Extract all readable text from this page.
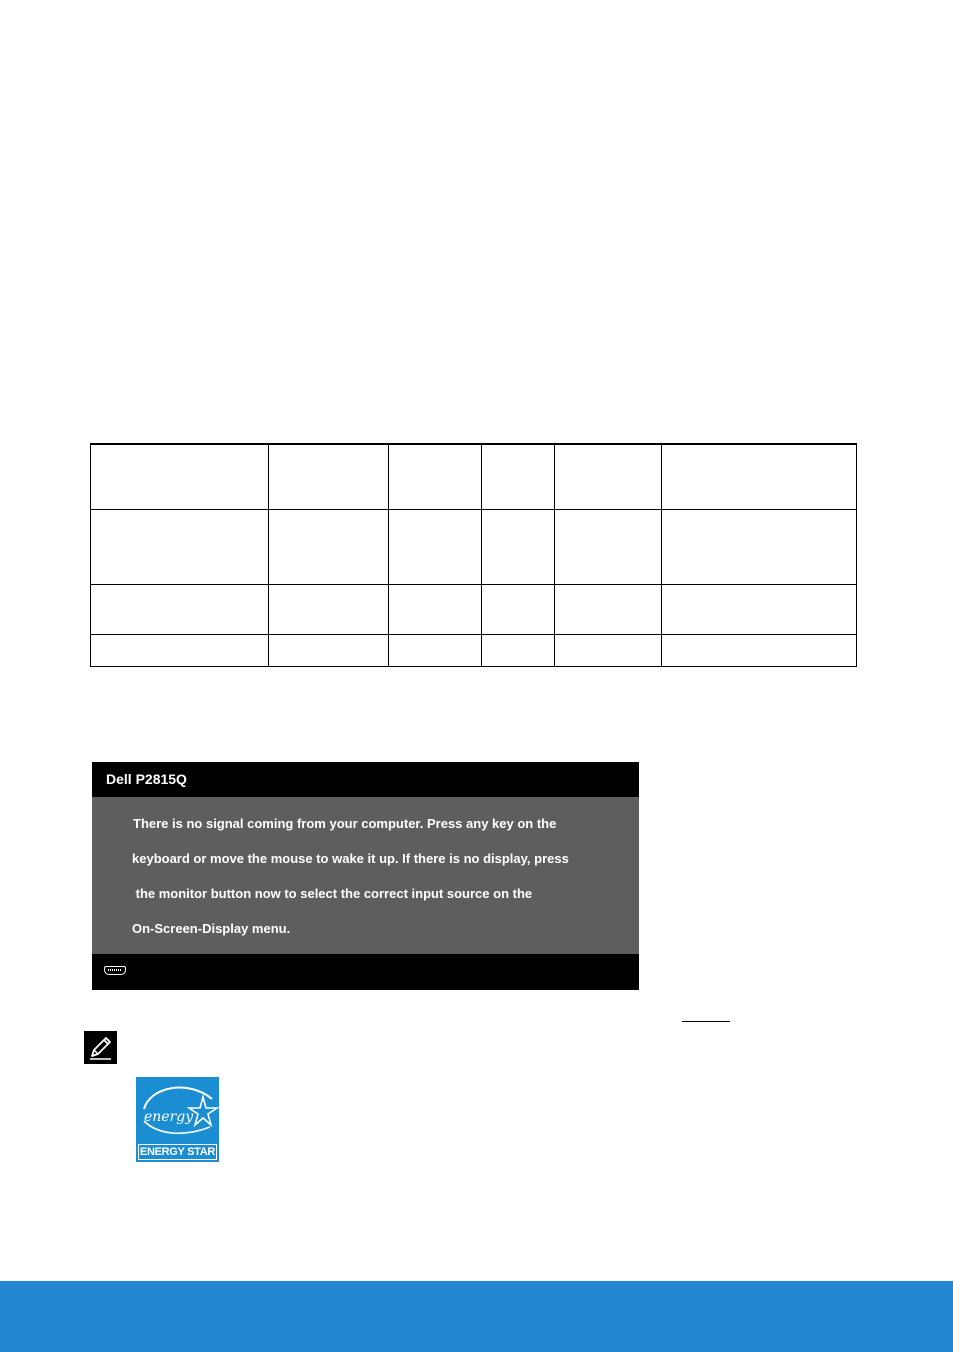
Dell P2815Q
There is no signal coming from your computer. Press any key on the
keyboard or move the mouse to wake it up. If there is no display, press
the monitor button now to select the correct input source on the
On-Screen-Display menu.
energy
ENERGY STAR
